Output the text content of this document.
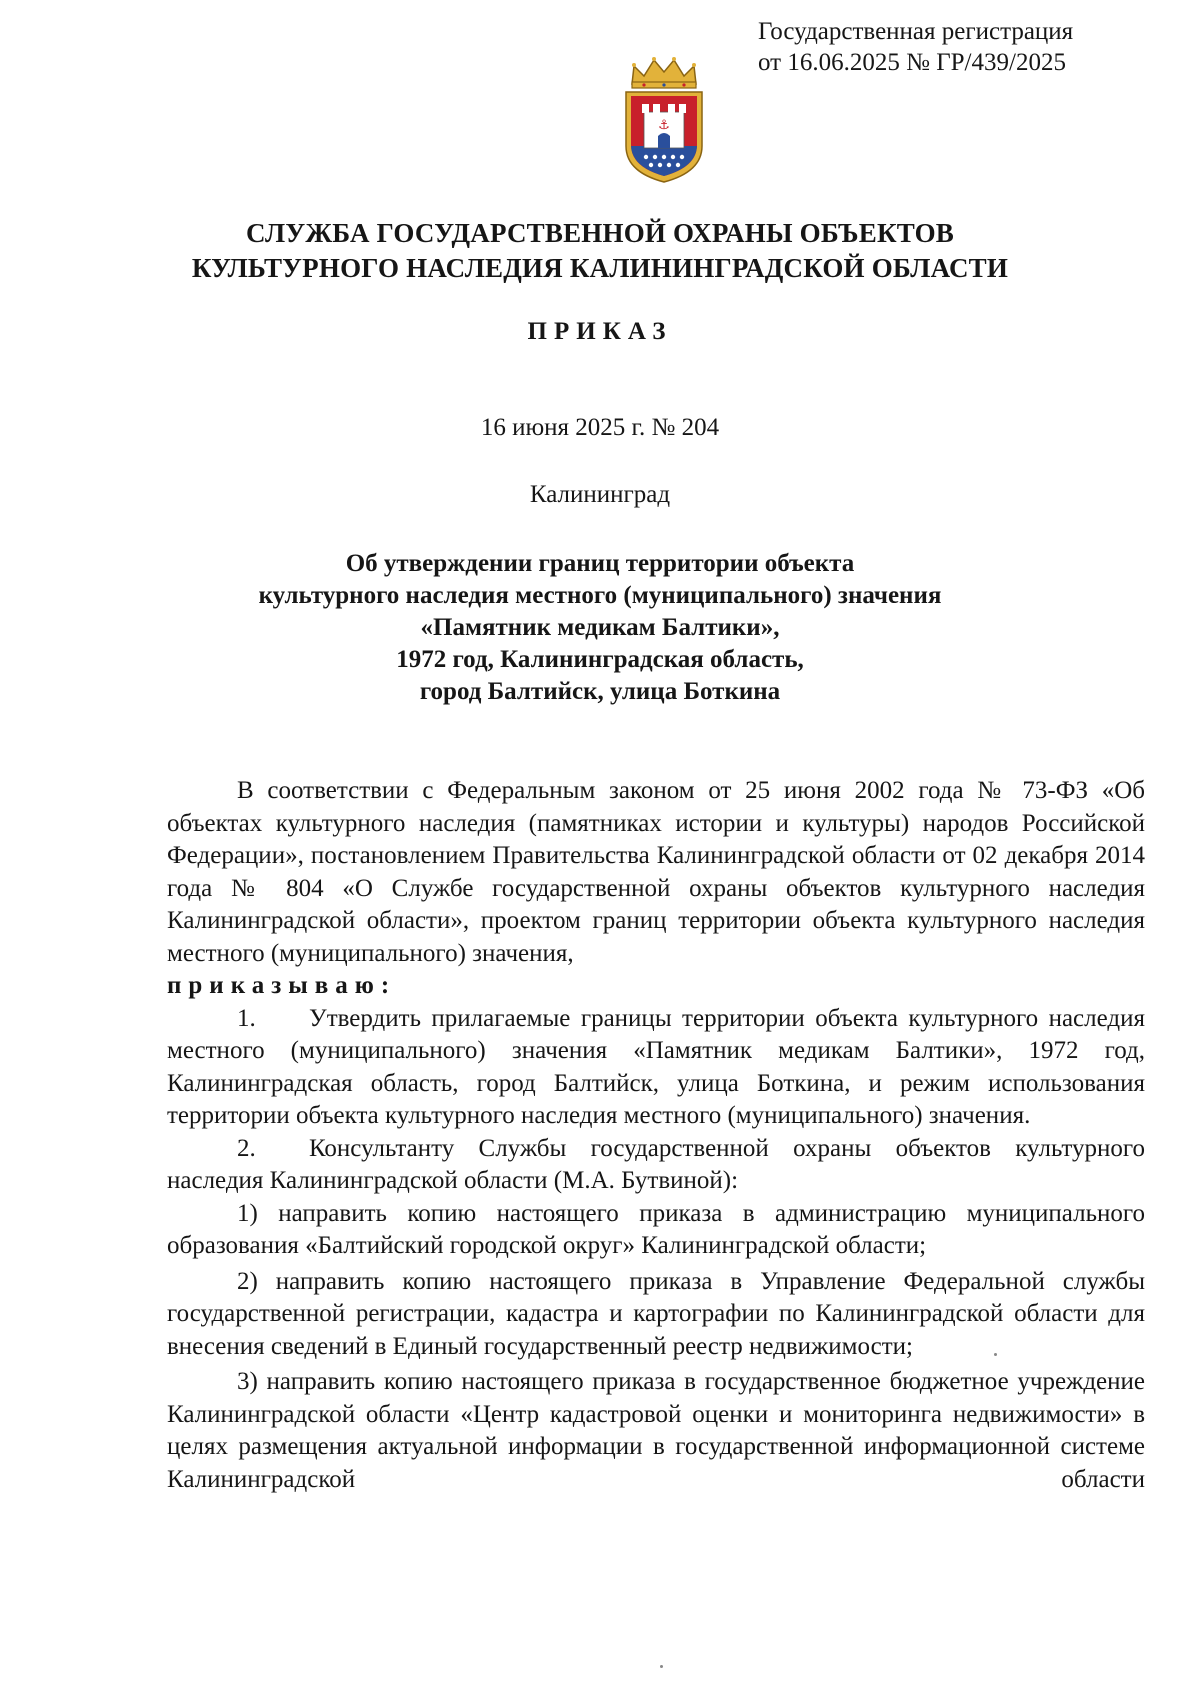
Государственная регистрация
от 16.06.2025 № ГР/439/2025
⚓
СЛУЖБА ГОСУДАРСТВЕННОЙ ОХРАНЫ ОБЪЕКТОВ
КУЛЬТУРНОГО НАСЛЕДИЯ КАЛИНИНГРАДСКОЙ ОБЛАСТИ
ПРИКАЗ
16 июня 2025 г. № 204
Калининград
Об утверждении границ территории объекта
культурного наследия местного (муниципального) значения
«Памятник медикам Балтики»,
1972 год, Калининградская область,
город Балтийск, улица Боткина

В соответствии с Федеральным законом от 25 июня 2002 года № 73-ФЗ «Об объектах культурного наследия (памятниках истории и культуры) народов Российской Федерации», постановлением Правительства Калининградской области от 02 декабря 2014 года № 804 «О Службе государственной охраны объектов культурного наследия Калининградской области», проектом границ территории объекта культурного наследия местного (муниципального) значения,

приказываю:

1. Утвердить прилагаемые границы территории объекта культурного наследия местного (муниципального) значения «Памятник медикам Балтики», 1972 год, Калининградская область, город Балтийск, улица Боткина, и режим использования территории объекта культурного наследия местного (муниципального) значения.

2. Консультанту Службы государственной охраны объектов культурного наследия Калининградской области (М.А. Бутвиной):

1) направить копию настоящего приказа в администрацию муниципального образования «Балтийский городской округ» Калининградской области;

2) направить копию настоящего приказа в Управление Федеральной службы государственной регистрации, кадастра и картографии по Калининградской области для внесения сведений в Единый государственный реестр недвижимости;

3) направить копию настоящего приказа в государственное бюджетное учреждение Калининградской области «Центр кадастровой оценки и мониторинга недвижимости» в целях размещения актуальной информации в государственной информационной системе Калининградской области
